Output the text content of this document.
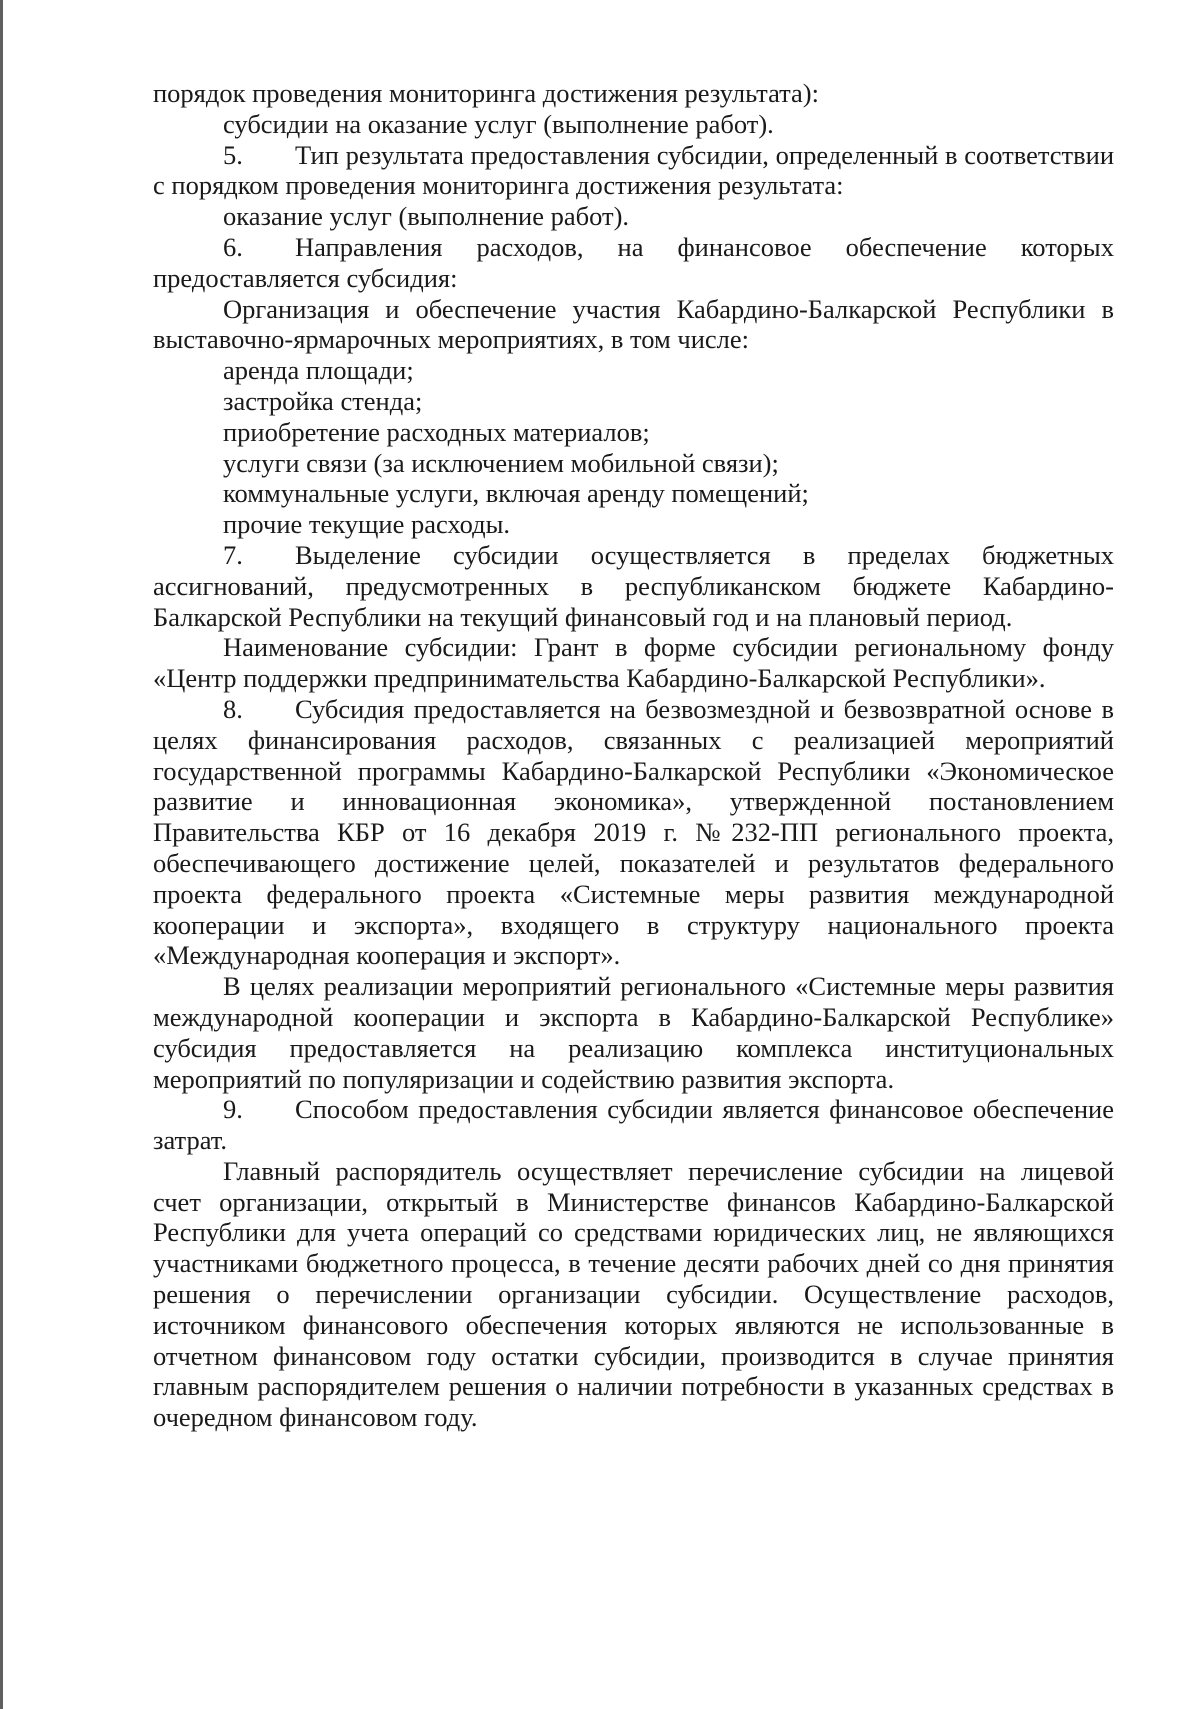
порядок проведения мониторинга достижения результата):

субсидии на оказание услуг (выполнение работ).

5. Тип результата предоставления субсидии, определенный в соответствии с порядком проведения мониторинга достижения результата:

оказание услуг (выполнение работ).

6. Направления расходов, на финансовое обеспечение которых предоставляется субсидия:

Организация и обеспечение участия Кабардино-Балкарской Республики в выставочно-ярмарочных мероприятиях, в том числе:

аренда площади;

застройка стенда;

приобретение расходных материалов;

услуги связи (за исключением мобильной связи);

коммунальные услуги, включая аренду помещений;

прочие текущие расходы.

7. Выделение субсидии осуществляется в пределах бюджетных ассигнований, предусмотренных в республиканском бюджете Кабардино-Балкарской Республики на текущий финансовый год и на плановый период.

Наименование субсидии: Грант в форме субсидии региональному фонду «Центр поддержки предпринимательства Кабардино-Балкарской Республики».

8. Субсидия предоставляется на безвозмездной и безвозвратной основе в целях финансирования расходов, связанных с реализацией мероприятий государственной программы Кабардино-Балкарской Республики «Экономическое развитие и инновационная экономика», утвержденной постановлением Правительства КБР от 16 декабря 2019 г. №232-ПП регионального проекта, обеспечивающего достижение целей, показателей и результатов федерального проекта федерального проекта «Системные меры развития международной кооперации и экспорта», входящего в структуру национального проекта «Международная кооперация и экспорт».

В целях реализации мероприятий регионального «Системные меры развития международной кооперации и экспорта в Кабардино-Балкарской Республике» субсидия предоставляется на реализацию комплекса институциональных мероприятий по популяризации и содействию развития экспорта.

9. Способом предоставления субсидии является финансовое обеспечение затрат.

Главный распорядитель осуществляет перечисление субсидии на лицевой счет организации, открытый в Министерстве финансов Кабардино-Балкарской Республики для учета операций со средствами юридических лиц, не являющихся участниками бюджетного процесса, в течение десяти рабочих дней со дня принятия решения о перечислении организации субсидии. Осуществление расходов, источником финансового обеспечения которых являются не использованные в отчетном финансовом году остатки субсидии, производится в случае принятия главным распорядителем решения о наличии потребности в указанных средствах в очередном финансовом году.
